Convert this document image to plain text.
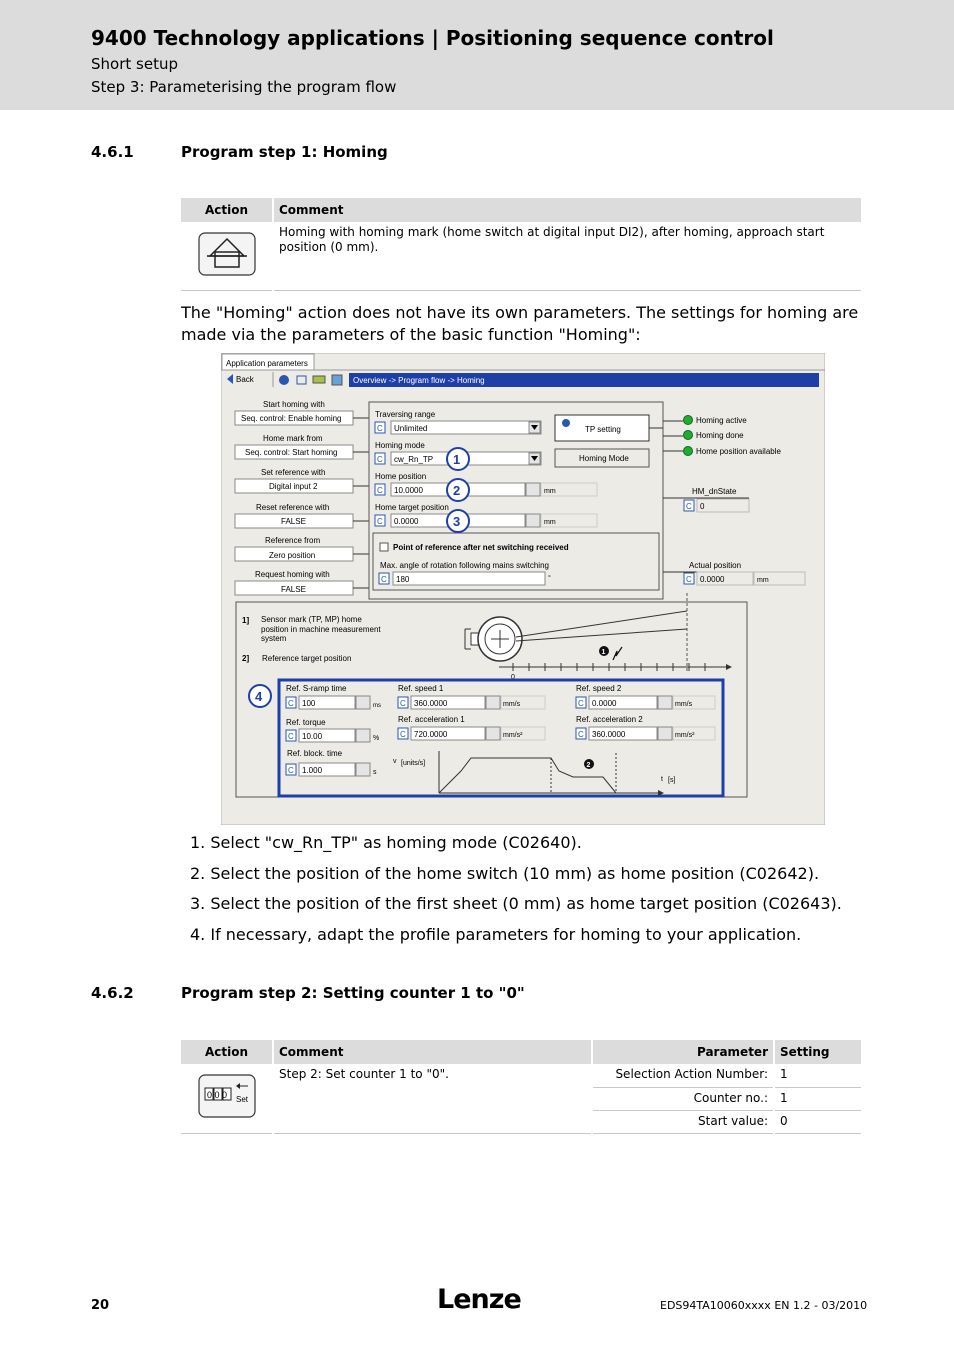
9400 Technology applications | Positioning sequence control
Short setup
Step 3: Parameterising the program flow
4.6.1	Program step 1: Homing
Action	Comment
	Homing with homing mark (home switch at digital input DI2), after homing, approach start position (0 mm).
The "Homing" action does not have its own parameters. The settings for homing are made via the parameters of the basic function "Homing":
Application parameters
Back	Overview -> Program flow -> Homing
Start homing with
Seq. control: Enable homing
Home mark from
Seq. control: Start homing
Set reference with
Digital input 2
Reset reference with
FALSE
Reference from
Zero position
Request homing with
FALSE
Traversing range
C Unlimited
Homing mode
C cw_Rn_TP
Home position
C 10.0000	mm
Home target position
C 0.0000	mm
TP setting
Homing Mode
Point of reference after net switching received
Max. angle of rotation following mains switching
C 180	°
Homing active
Homing done
Home position available
HM_dnState
C 0
Actual position
C 0.0000	mm
1] Sensor mark (TP, MP) home position in machine measurement system
2] Reference target position
0
1
1
2
3
4
Ref. S-ramp time
C 100	ms
Ref. torque
C 10.00	%
Ref. block. time
C 1.000	s
Ref. speed 1
C 360.0000	mm/s
Ref. acceleration 1
C 720.0000	mm/s²
Ref. speed 2
C 0.0000	mm/s
Ref. acceleration 2
C 360.0000	mm/s²
v [units/s]	2
t [s]
1. Select "cw_Rn_TP" as homing mode (C02640).
2. Select the position of the home switch (10 mm) as home position (C02642).
3. Select the position of the first sheet (0 mm) as home target position (C02643).
4. If necessary, adapt the profile parameters for homing to your application.
4.6.2	Program step 2: Setting counter 1 to "0"
Action	Comment	Parameter	Setting

0 0 0 Set	Step 2: Set counter 1 to "0".	Selection Action Number:	1
		Counter no.:	1
		Start value:	0
20	Lenze	EDS94TA10060xxxx EN 1.2 - 03/2010
